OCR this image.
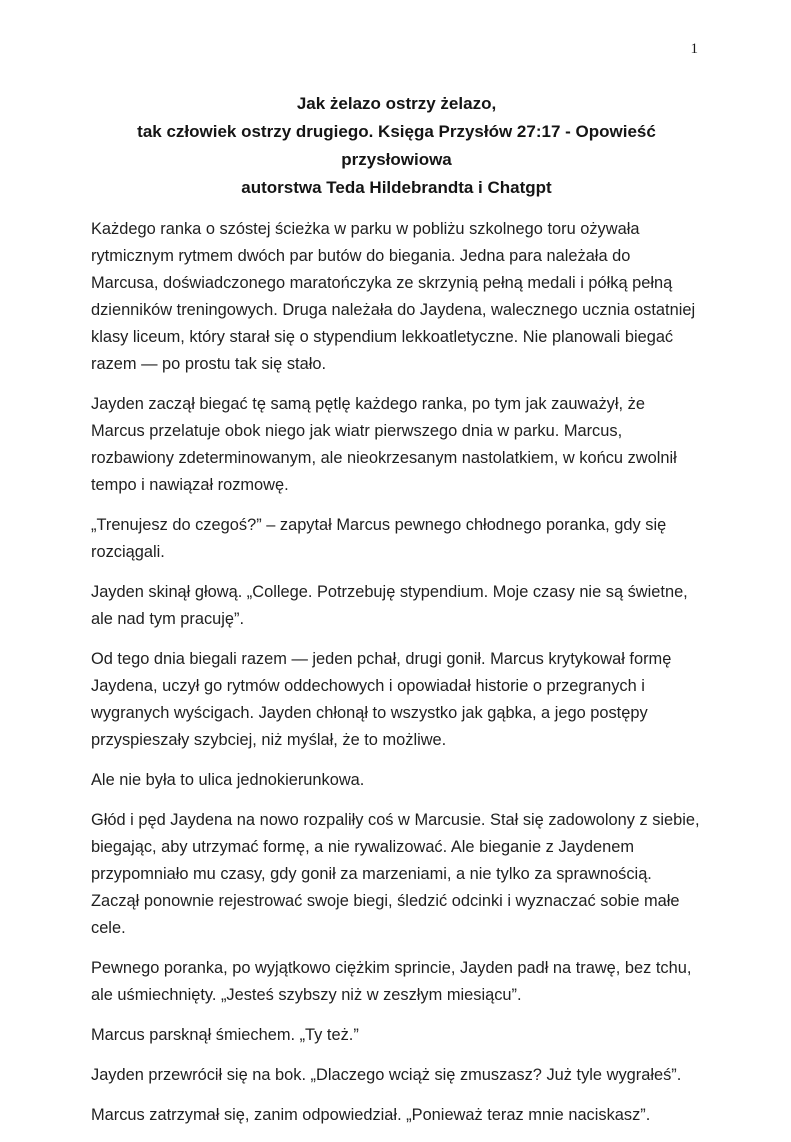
1
Jak żelazo ostrzy żelazo,
tak człowiek ostrzy drugiego. Księga Przysłów 27:17 - Opowieść przysłowiowa
autorstwa Teda Hildebrandta i Chatgpt

Każdego ranka o szóstej ścieżka w parku w pobliżu szkolnego toru ożywała rytmicznym rytmem dwóch par butów do biegania. Jedna para należała do Marcusa, doświadczonego maratończyka ze skrzynią pełną medali i półką pełną dzienników treningowych. Druga należała do Jaydena, walecznego ucznia ostatniej klasy liceum, który starał się o stypendium lekkoatletyczne. Nie planowali biegać razem — po prostu tak się stało.

Jayden zaczął biegać tę samą pętlę każdego ranka, po tym jak zauważył, że Marcus przelatuje obok niego jak wiatr pierwszego dnia w parku. Marcus, rozbawiony zdeterminowanym, ale nieokrzesanym nastolatkiem, w końcu zwolnił tempo i nawiązał rozmowę.

„Trenujesz do czegoś?” – zapytał Marcus pewnego chłodnego poranka, gdy się rozciągali.

Jayden skinął głową. „College. Potrzebuję stypendium. Moje czasy nie są świetne, ale nad tym pracuję”.

Od tego dnia biegali razem — jeden pchał, drugi gonił. Marcus krytykował formę Jaydena, uczył go rytmów oddechowych i opowiadał historie o przegranych i wygranych wyścigach. Jayden chłonął to wszystko jak gąbka, a jego postępy przyspieszały szybciej, niż myślał, że to możliwe.

Ale nie była to ulica jednokierunkowa.

Głód i pęd Jaydena na nowo rozpaliły coś w Marcusie. Stał się zadowolony z siebie, biegając, aby utrzymać formę, a nie rywalizować. Ale bieganie z Jaydenem przypomniało mu czasy, gdy gonił za marzeniami, a nie tylko za sprawnością. Zaczął ponownie rejestrować swoje biegi, śledzić odcinki i wyznaczać sobie małe cele.

Pewnego poranka, po wyjątkowo ciężkim sprincie, Jayden padł na trawę, bez tchu, ale uśmiechnięty. „Jesteś szybszy niż w zeszłym miesiącu”.

Marcus parsknął śmiechem. „Ty też.”

Jayden przewrócił się na bok. „Dlaczego wciąż się zmuszasz? Już tyle wygrałeś”.

Marcus zatrzymał się, zanim odpowiedział. „Ponieważ teraz mnie naciskasz”.
